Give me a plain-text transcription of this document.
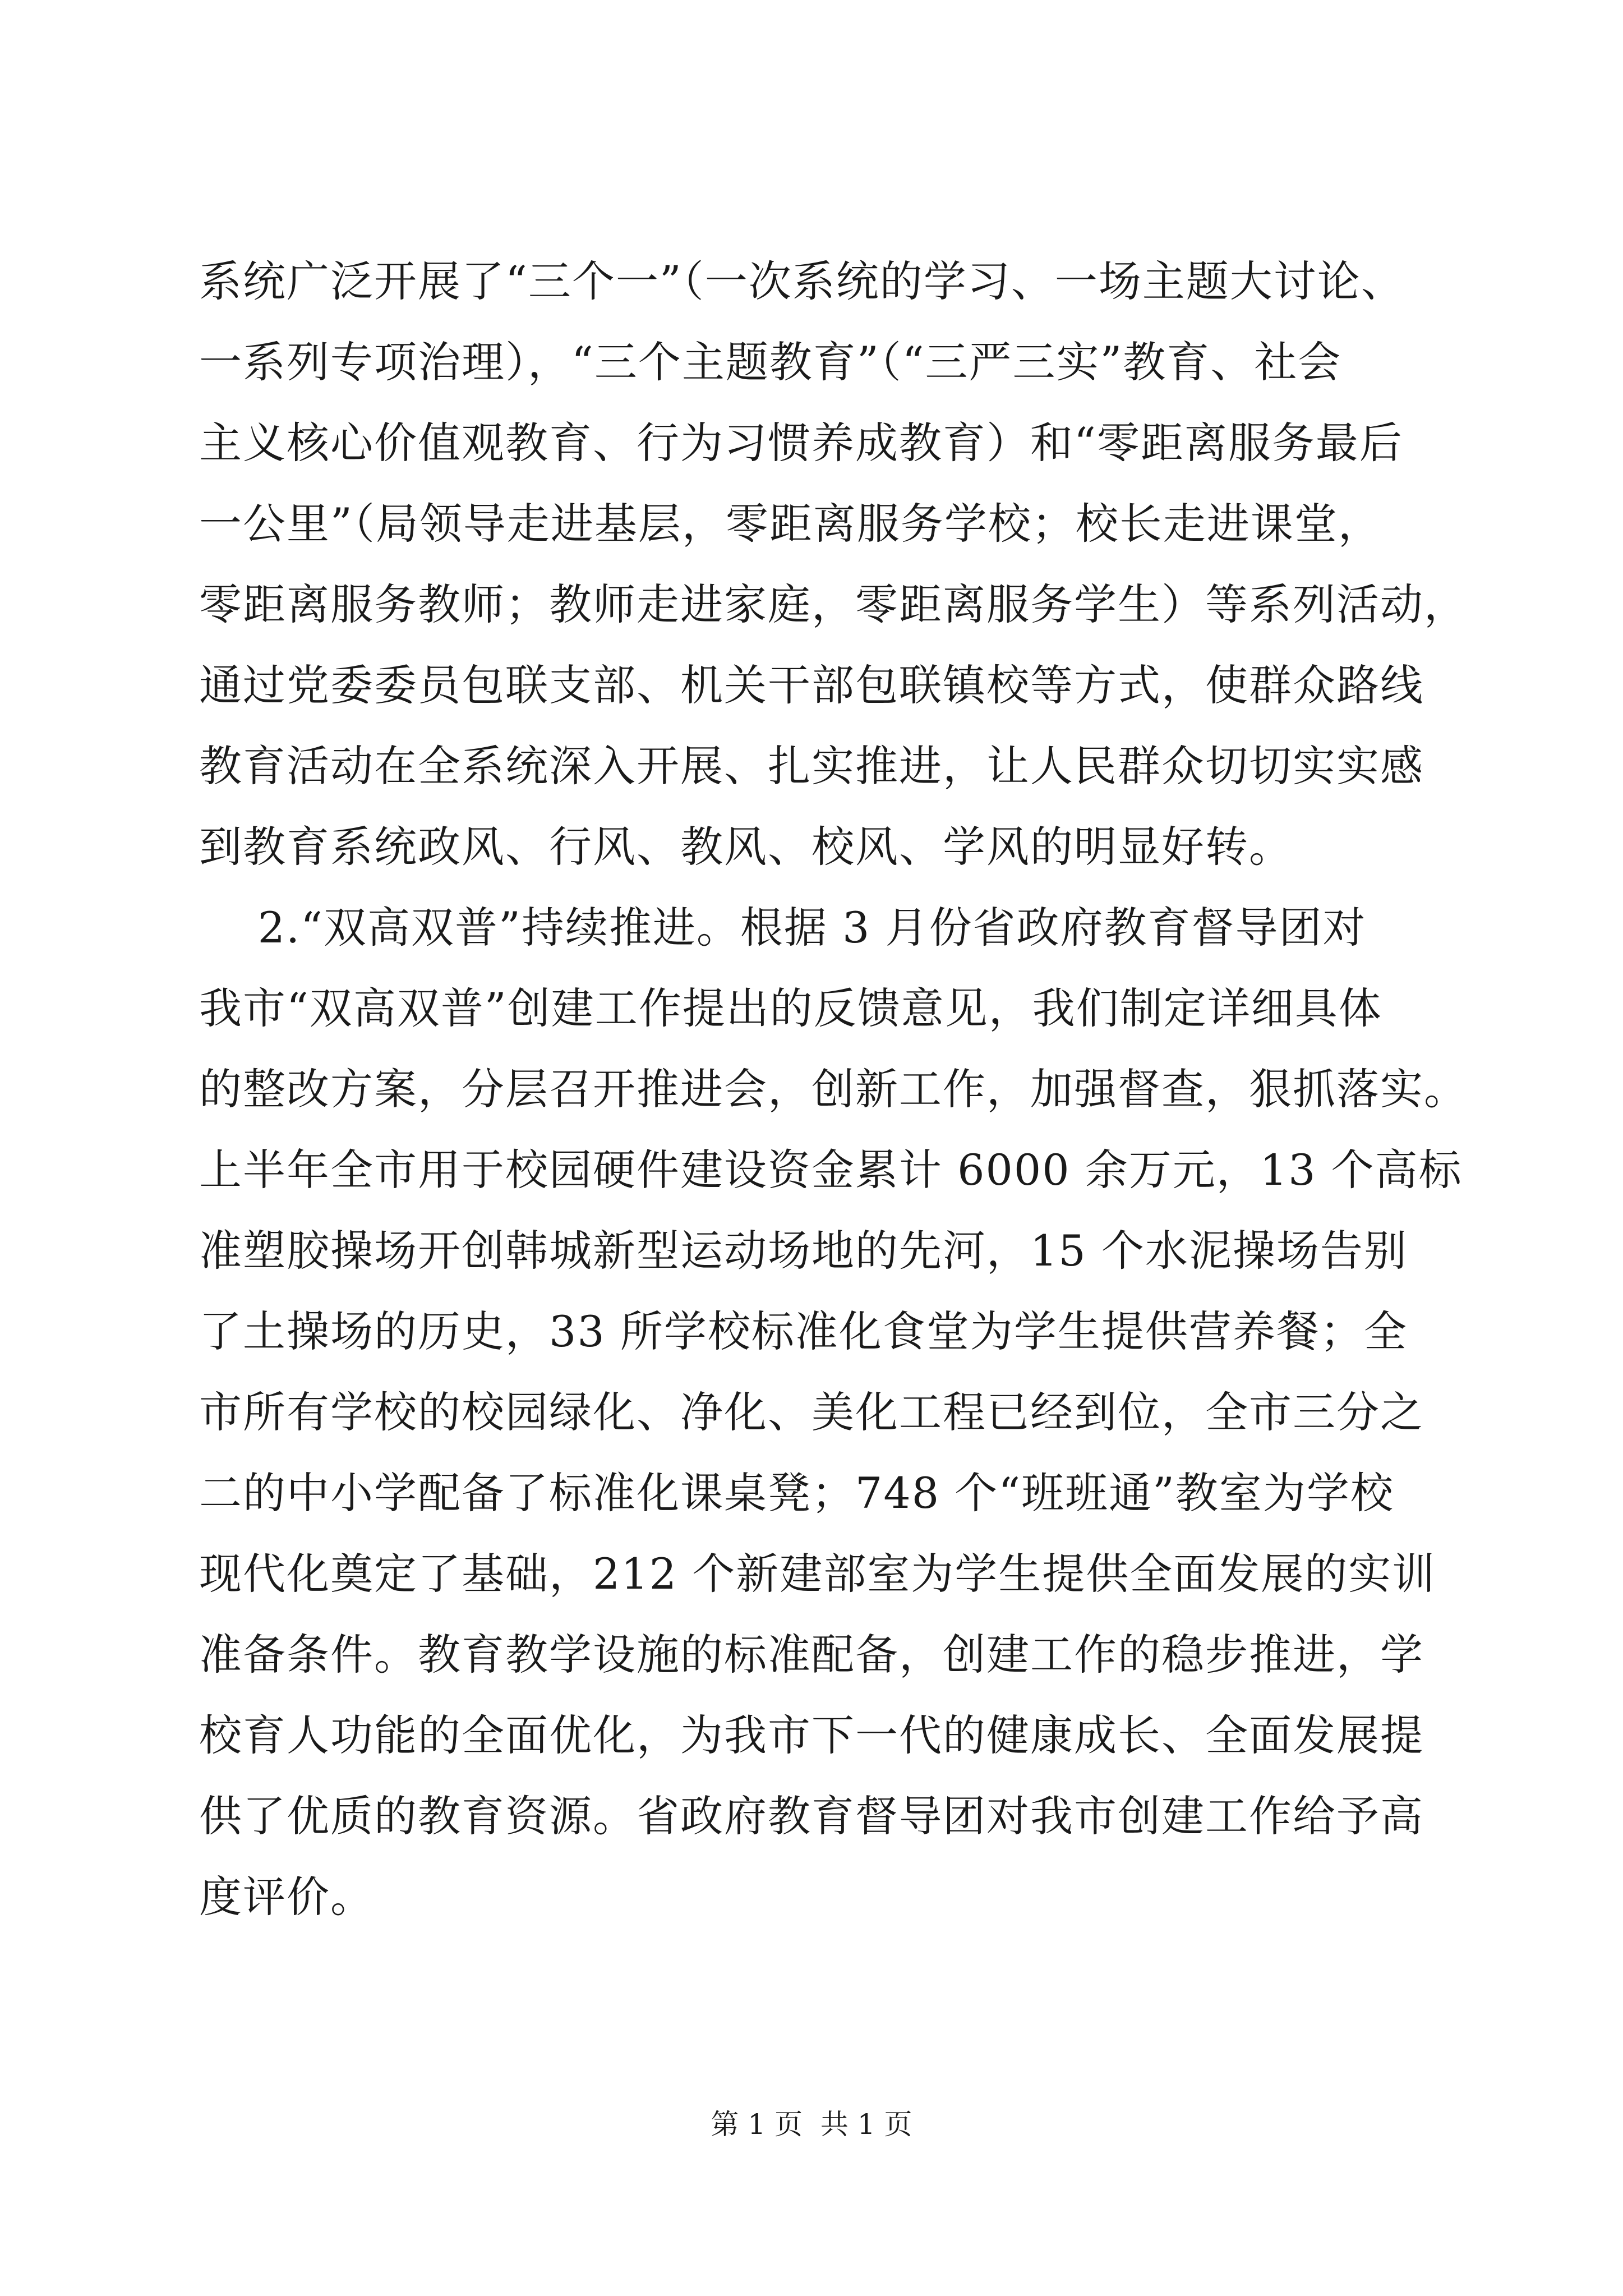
系统广泛开展了“三个一”（一次系统的学习、一场主题大讨论、
一系列专项治理），“三个主题教育”（“三严三实”教育、社会
主义核心价值观教育、行为习惯养成教育）和“零距离服务最后
一公里”（局领导走进基层，零距离服务学校；校长走进课堂，
零距离服务教师；教师走进家庭，零距离服务学生）等系列活动，
通过党委委员包联支部、机关干部包联镇校等方式，使群众路线
教育活动在全系统深入开展、扎实推进，让人民群众切切实实感
到教育系统政风、行风、教风、校风、学风的明显好转。
2.“双高双普”持续推进。根据 3 月份省政府教育督导团对
我市“双高双普”创建工作提出的反馈意见，我们制定详细具体
的整改方案，分层召开推进会，创新工作，加强督查，狠抓落实。
上半年全市用于校园硬件建设资金累计 6000 余万元，13 个高标
准塑胶操场开创韩城新型运动场地的先河，15 个水泥操场告别
了土操场的历史，33 所学校标准化食堂为学生提供营养餐；全
市所有学校的校园绿化、净化、美化工程已经到位，全市三分之
二的中小学配备了标准化课桌凳；748 个“班班通”教室为学校
现代化奠定了基础，212 个新建部室为学生提供全面发展的实训
准备条件。教育教学设施的标准配备，创建工作的稳步推进，学
校育人功能的全面优化，为我市下一代的健康成长、全面发展提
供了优质的教育资源。省政府教育督导团对我市创建工作给予高
度评价。
第 1 页  共 1 页
